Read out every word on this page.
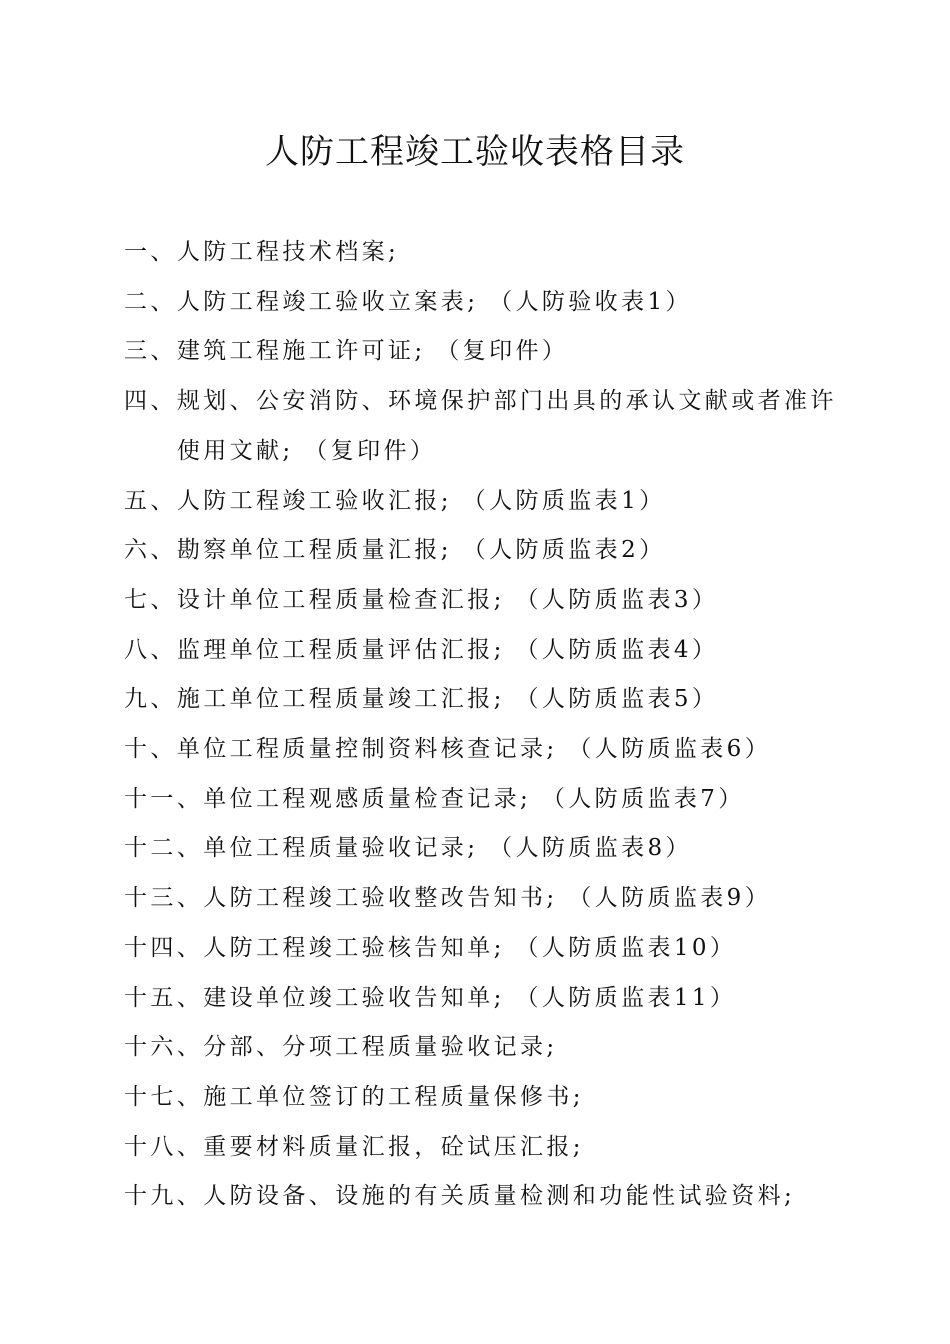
人防工程竣工验收表格目录
一、 人防工程技术档案;
二、 人防工程竣工验收立案表; （人防验收表1）
三、 建筑工程施工许可证; （复印件）
四、 规划、公安消防、环境保护部门出具的承认文献或者准许使用文献; （复印件）
五、 人防工程竣工验收汇报; （人防质监表1）
六、 勘察单位工程质量汇报; （人防质监表2）
七、 设计单位工程质量检查汇报; （人防质监表3）
八、 监理单位工程质量评估汇报; （人防质监表4）
九、 施工单位工程质量竣工汇报; （人防质监表5）
十、 单位工程质量控制资料核查记录; （人防质监表6）
十一、 单位工程观感质量检查记录; （人防质监表7）
十二、 单位工程质量验收记录; （人防质监表8）
十三、 人防工程竣工验收整改告知书; （人防质监表9）
十四、 人防工程竣工验核告知单; （人防质监表10）
十五、 建设单位竣工验收告知单; （人防质监表11）
十六、 分部、分项工程质量验收记录;
十七、 施工单位签订的工程质量保修书;
十八、 重要材料质量汇报，砼试压汇报;
十九、 人防设备、设施的有关质量检测和功能性试验资料;
